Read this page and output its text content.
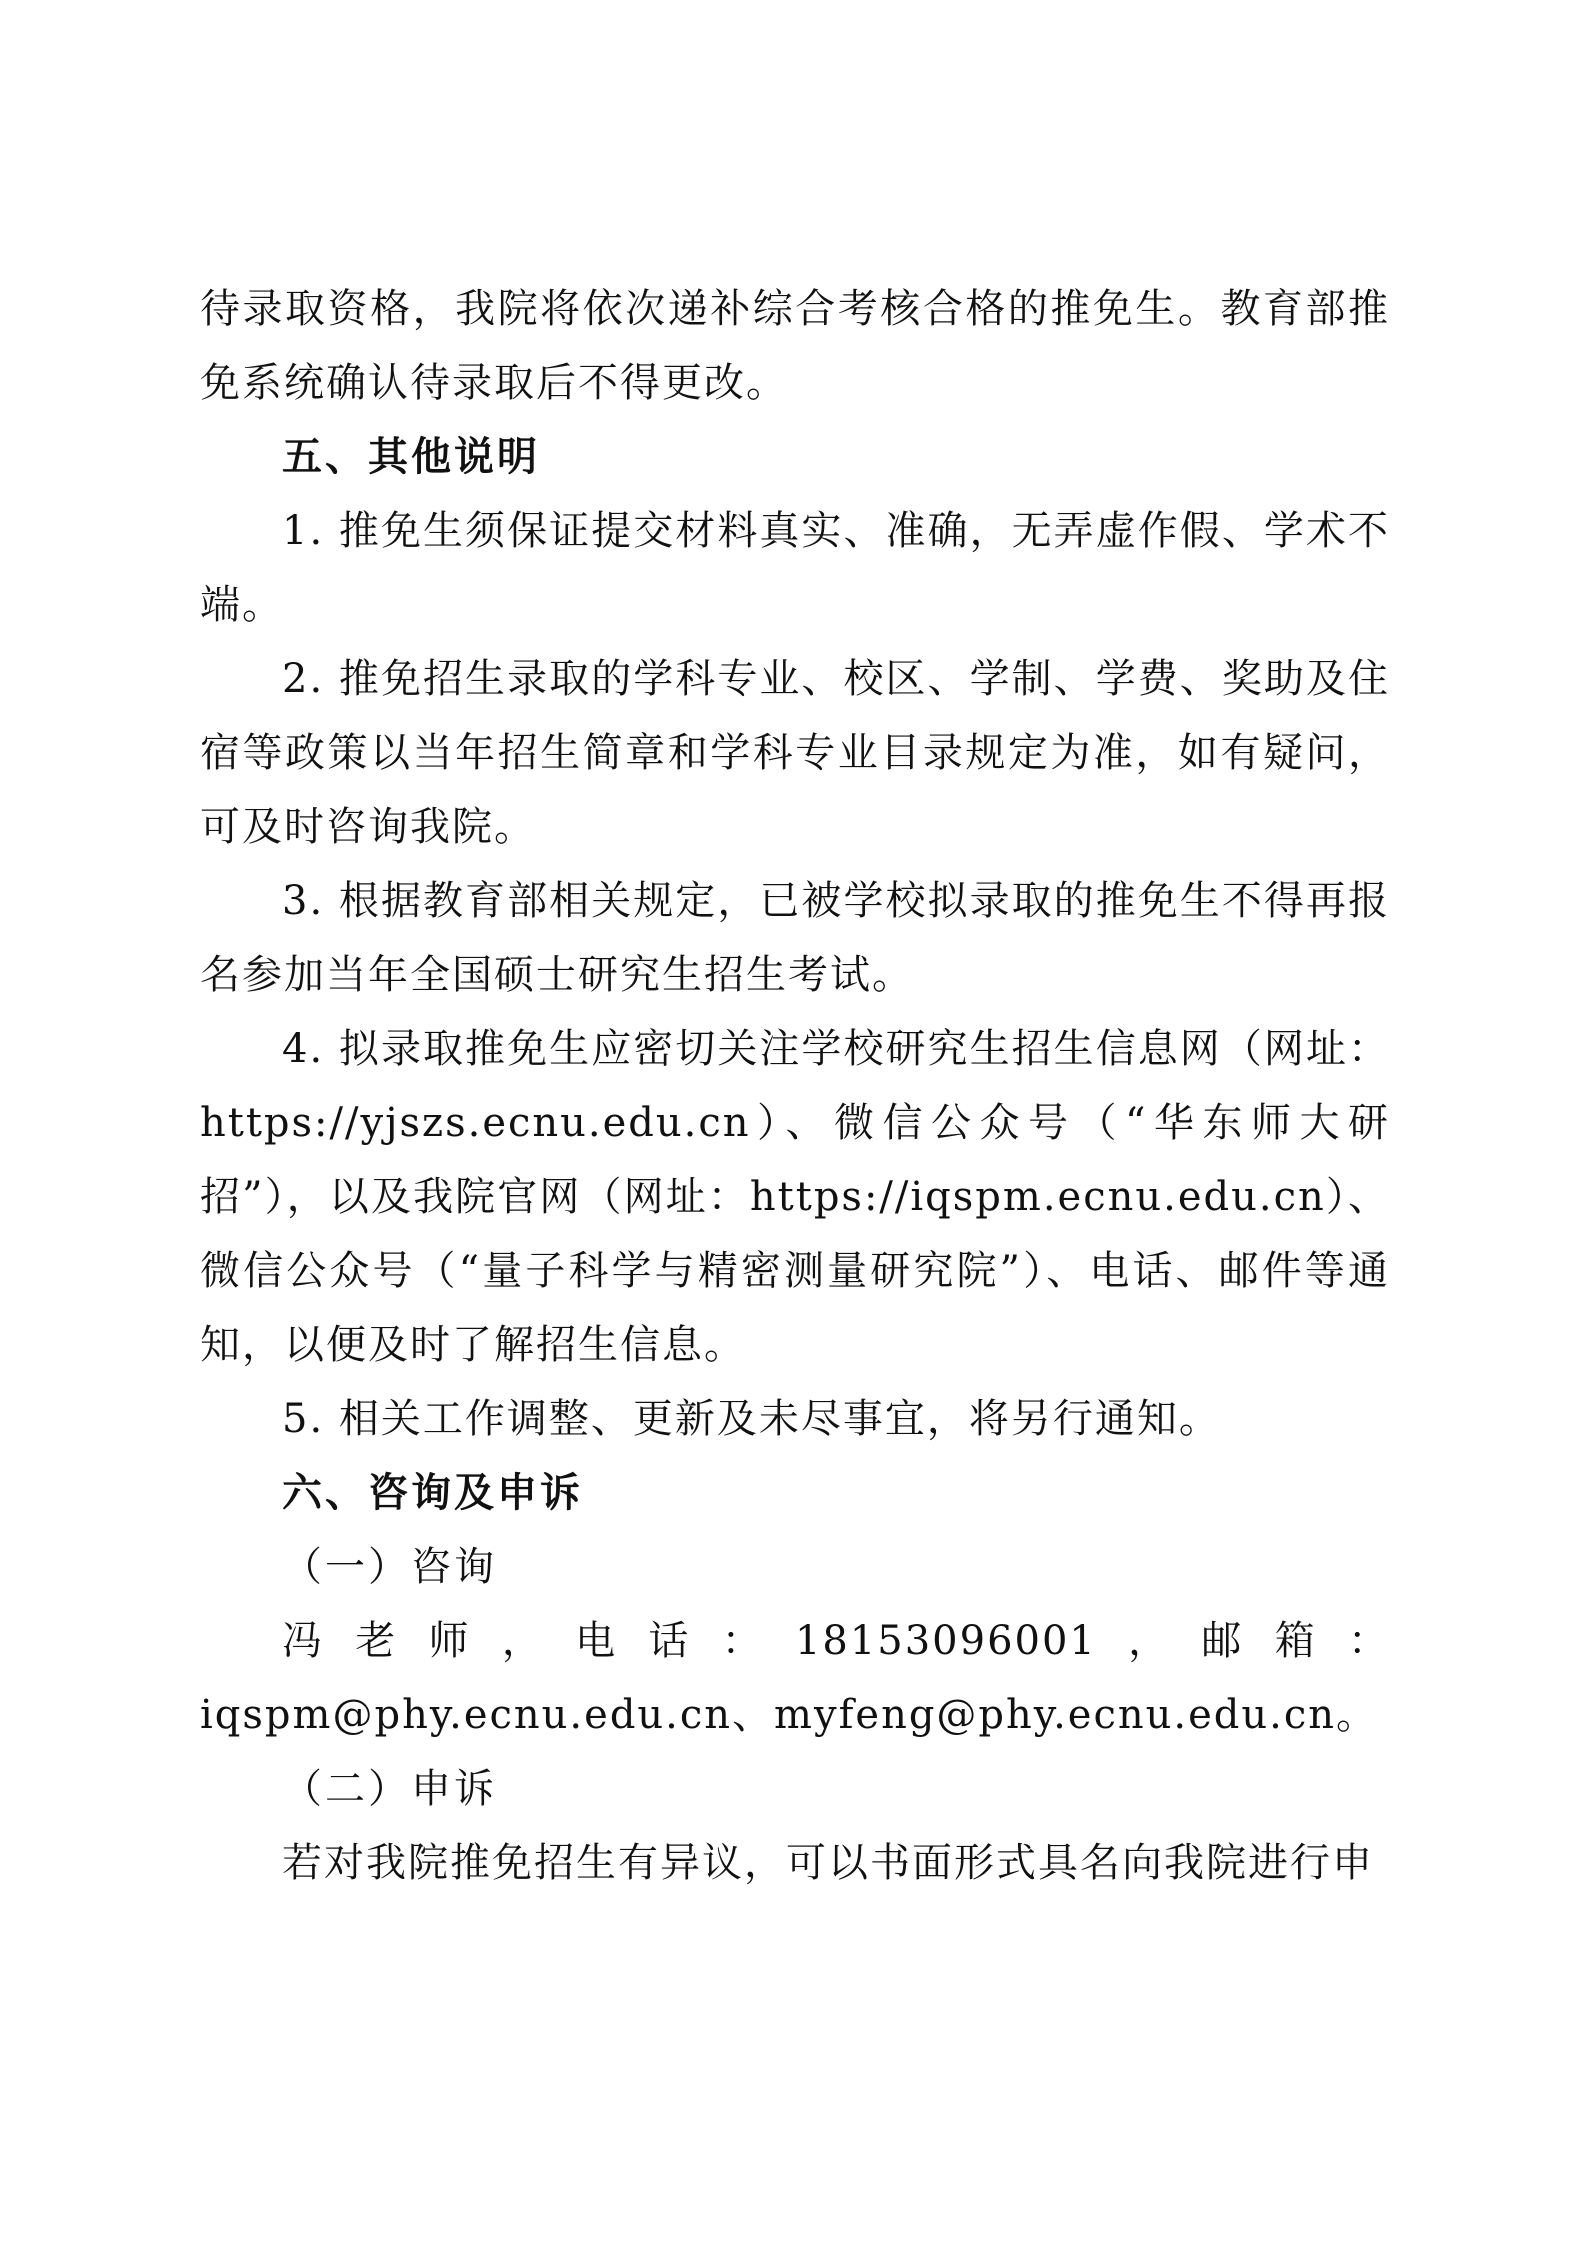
待录取资格，我院将依次递补综合考核合格的推免生。教育部推免系统确认待录取后不得更改。

五、其他说明

1. 推免生须保证提交材料真实、准确，无弄虚作假、学术不端。

2. 推免招生录取的学科专业、校区、学制、学费、奖助及住宿等政策以当年招生简章和学科专业目录规定为准，如有疑问，可及时咨询我院。

3. 根据教育部相关规定，已被学校拟录取的推免生不得再报名参加当年全国硕士研究生招生考试。

4. 拟录取推免生应密切关注学校研究生招生信息网（网址：https://yjszs.ecnu.edu.cn）、微信公众号（“华东师大研招”），以及我院官网（网址：https://iqspm.ecnu.edu.cn）、微信公众号（“量子科学与精密测量研究院”）、电话、邮件等通知，以便及时了解招生信息。

5. 相关工作调整、更新及未尽事宜，将另行通知。

六、咨询及申诉

（一）咨询

冯老师，电话：18153096001，邮箱：iqspm@phy.ecnu.edu.cn、myfeng@phy.ecnu.edu.cn。

（二）申诉

若对我院推免招生有异议，可以书面形式具名向我院进行申
